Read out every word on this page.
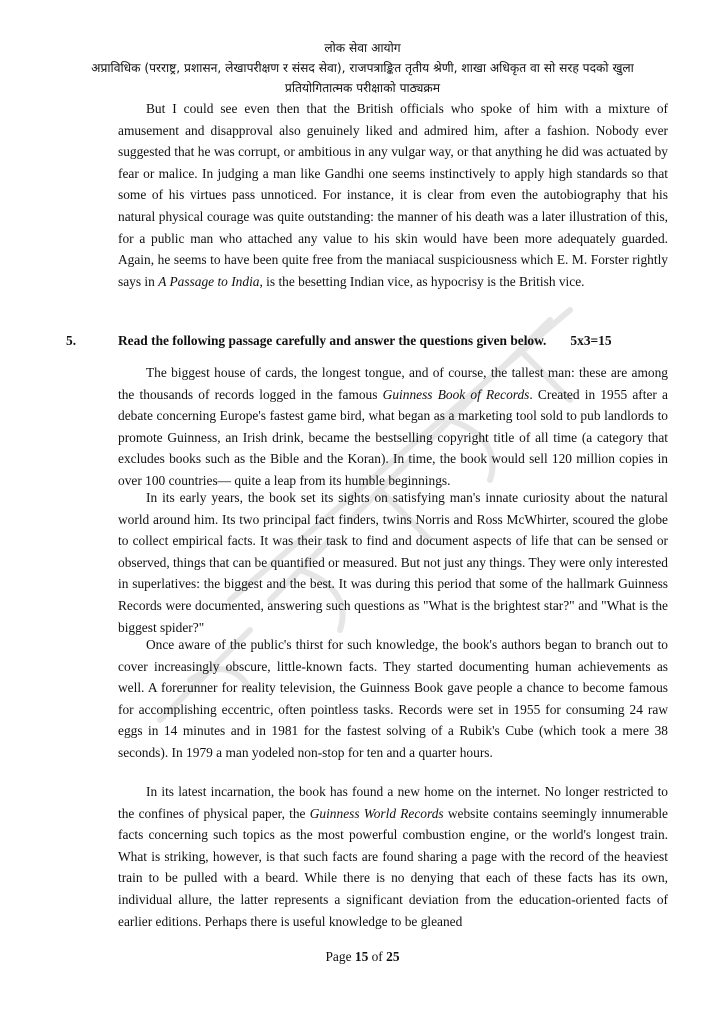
लोक सेवा आयोग
अप्राविधिक (परराष्ट्र, प्रशासन, लेखापरीक्षण र संसद सेवा), राजपत्राङ्कित तृतीय श्रेणी, शाखा अधिकृत वा सो सरह पदको खुला
प्रतियोगितात्मक परीक्षाको पाठ्यक्रम
But I could see even then that the British officials who spoke of him with a mixture of amusement and disapproval also genuinely liked and admired him, after a fashion. Nobody ever suggested that he was corrupt, or ambitious in any vulgar way, or that anything he did was actuated by fear or malice. In judging a man like Gandhi one seems instinctively to apply high standards so that some of his virtues pass unnoticed. For instance, it is clear from even the autobiography that his natural physical courage was quite outstanding: the manner of his death was a later illustration of this, for a public man who attached any value to his skin would have been more adequately guarded. Again, he seems to have been quite free from the maniacal suspiciousness which E. M. Forster rightly says in A Passage to India, is the besetting Indian vice, as hypocrisy is the British vice.
5.	Read the following passage carefully and answer the questions given below. 5x3=15
The biggest house of cards, the longest tongue, and of course, the tallest man: these are among the thousands of records logged in the famous Guinness Book of Records. Created in 1955 after a debate concerning Europe's fastest game bird, what began as a marketing tool sold to pub landlords to promote Guinness, an Irish drink, became the bestselling copyright title of all time (a category that excludes books such as the Bible and the Koran). In time, the book would sell 120 million copies in over 100 countries— quite a leap from its humble beginnings.
In its early years, the book set its sights on satisfying man's innate curiosity about the natural world around him. Its two principal fact finders, twins Norris and Ross McWhirter, scoured the globe to collect empirical facts. It was their task to find and document aspects of life that can be sensed or observed, things that can be quantified or measured. But not just any things. They were only interested in superlatives: the biggest and the best. It was during this period that some of the hallmark Guinness Records were documented, answering such questions as "What is the brightest star?" and "What is the biggest spider?"
Once aware of the public's thirst for such knowledge, the book's authors began to branch out to cover increasingly obscure, little-known facts. They started documenting human achievements as well. A forerunner for reality television, the Guinness Book gave people a chance to become famous for accomplishing eccentric, often pointless tasks. Records were set in 1955 for consuming 24 raw eggs in 14 minutes and in 1981 for the fastest solving of a Rubik's Cube (which took a mere 38 seconds). In 1979 a man yodeled non-stop for ten and a quarter hours.
In its latest incarnation, the book has found a new home on the internet. No longer restricted to the confines of physical paper, the Guinness World Records website contains seemingly innumerable facts concerning such topics as the most powerful combustion engine, or the world's longest train. What is striking, however, is that such facts are found sharing a page with the record of the heaviest train to be pulled with a beard. While there is no denying that each of these facts has its own, individual allure, the latter represents a significant deviation from the education-oriented facts of earlier editions. Perhaps there is useful knowledge to be gleaned
Page 15 of 25
